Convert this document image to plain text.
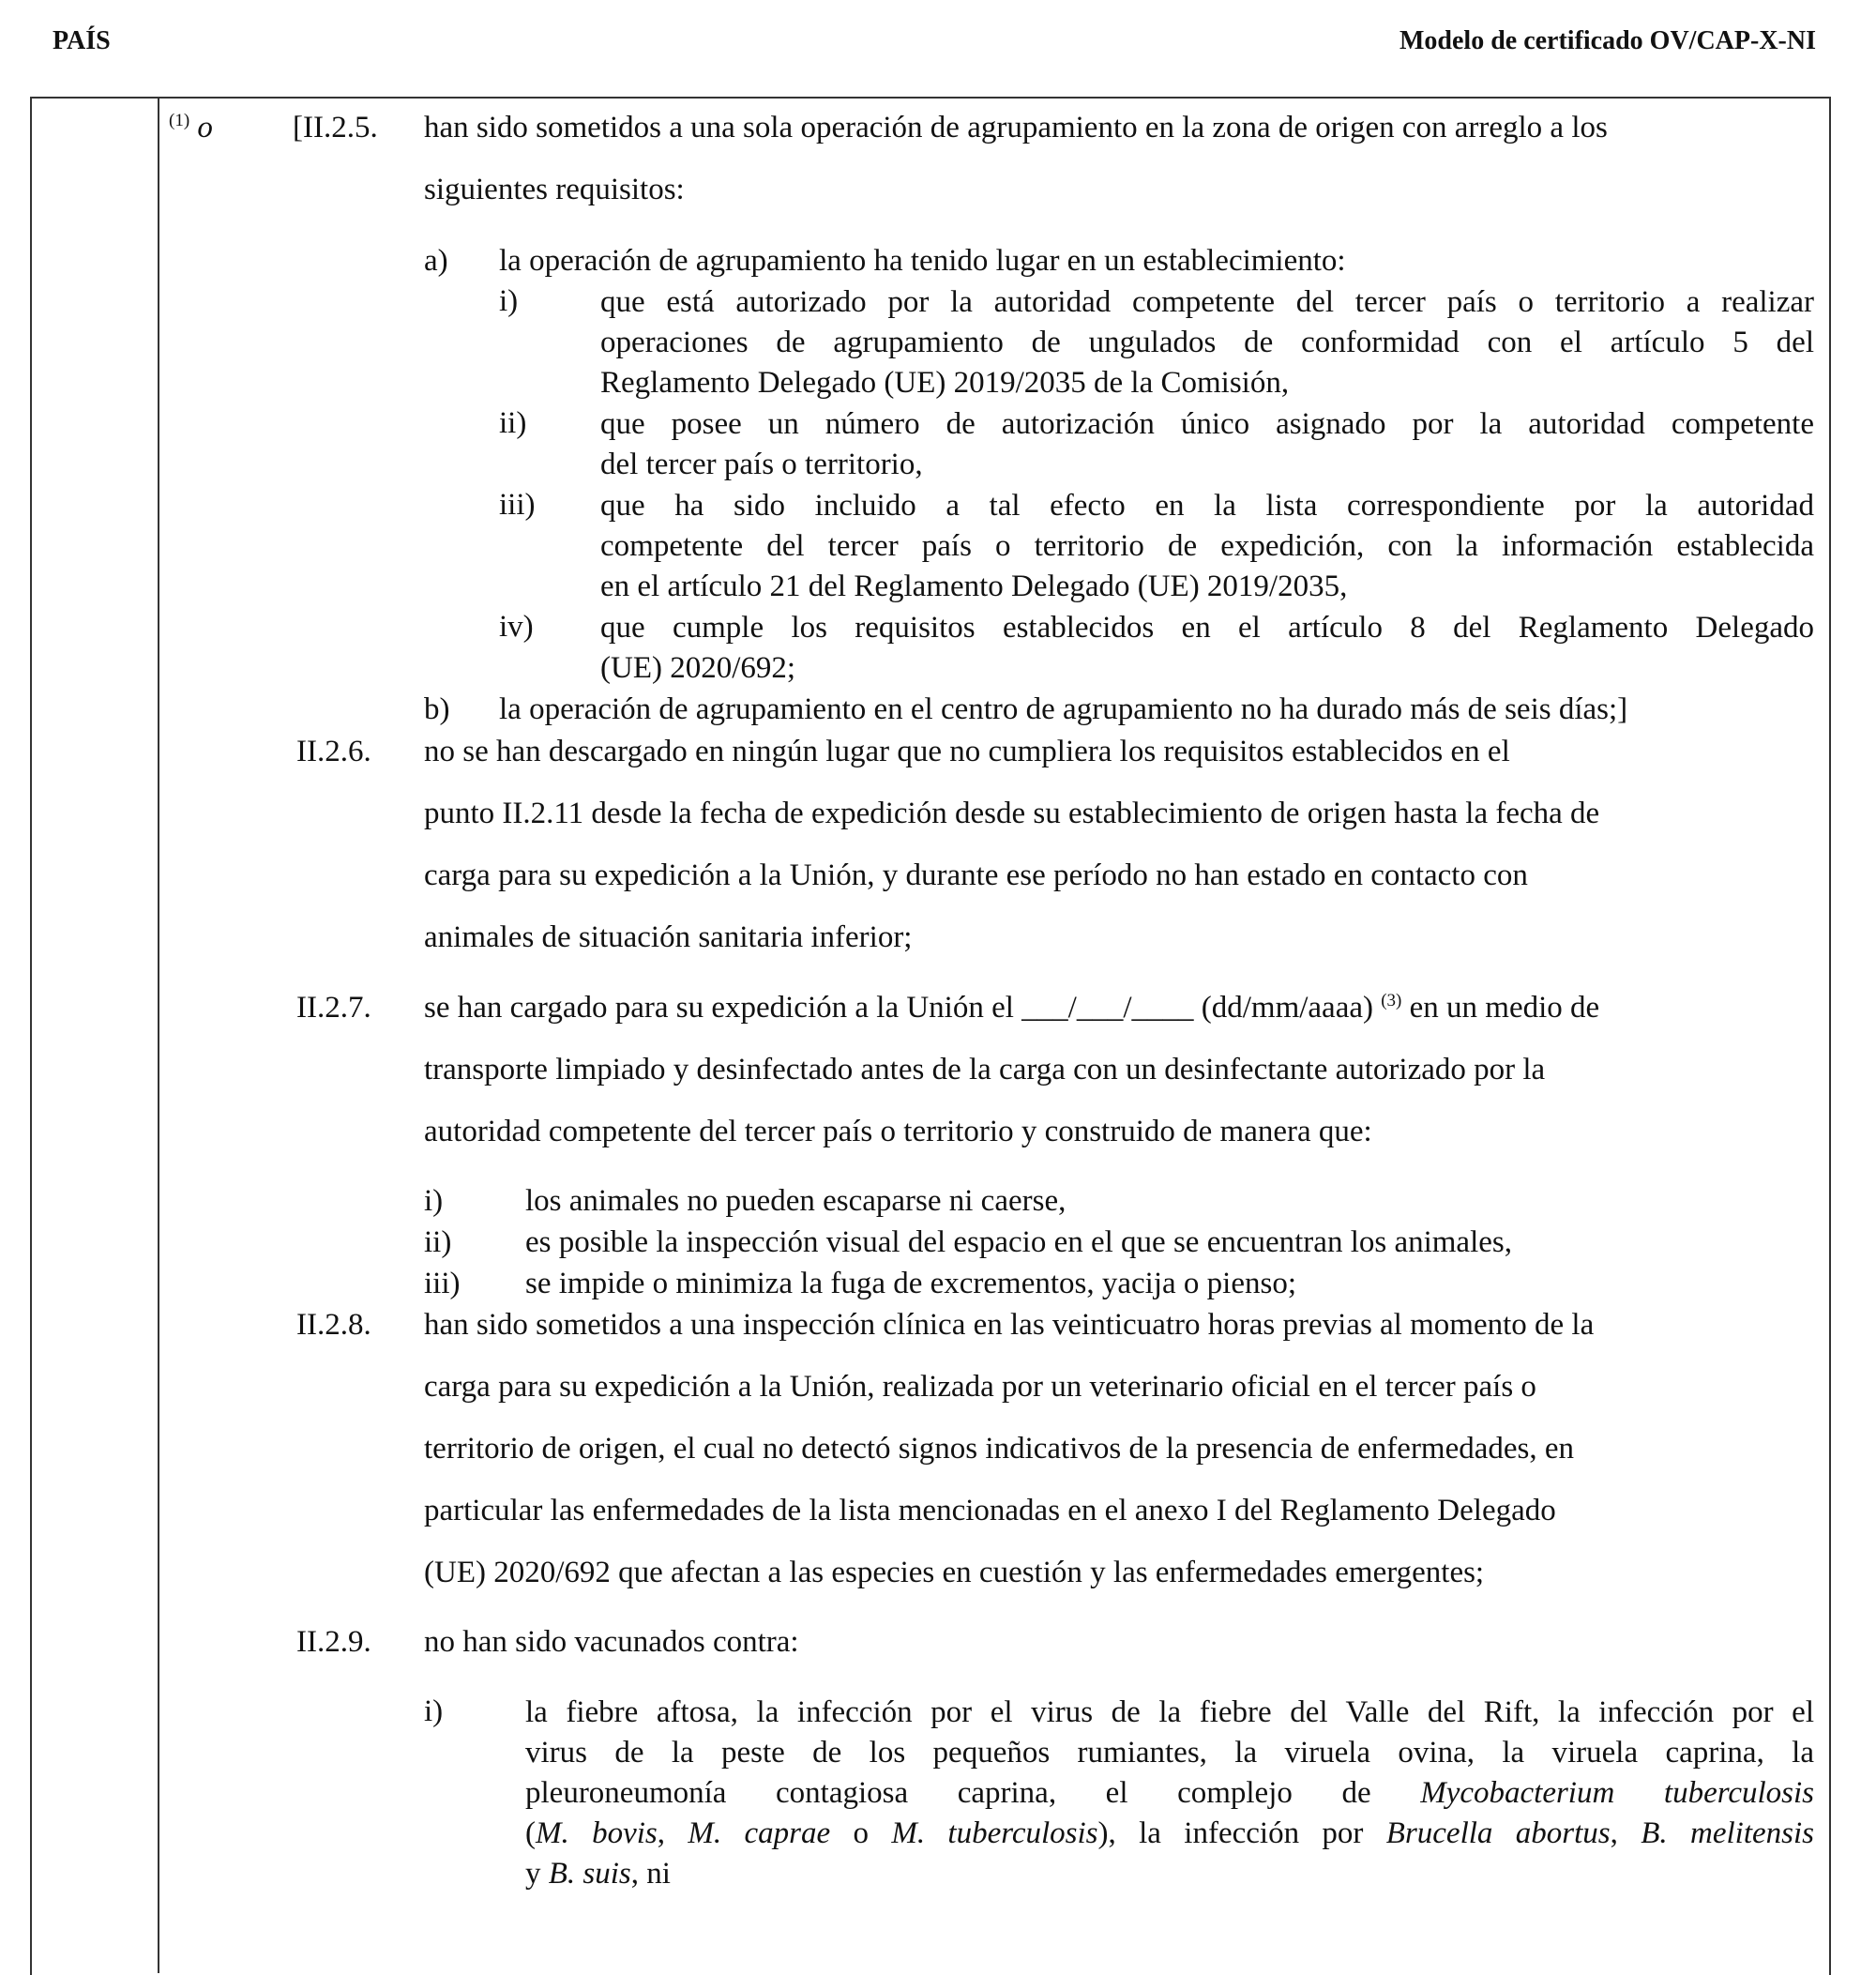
PAÍS	Modelo de certificado OV/CAP-X-NI
$^{(1)}$ o	[II.2.5. han sido sometidos a una sola operación de agrupamiento en la zona de origen con arreglo a los
siguientes requisitos:
a) la operación de agrupamiento ha tenido lugar en un establecimiento:
i)	que está autorizado por la autoridad competente del tercer país o territorio a realizar
operaciones de agrupamiento de ungulados de conformidad con el artículo 5 del
Reglamento Delegado (UE) 2019/2035 de la Comisión,
ii) que posee un número de autorización único asignado por la autoridad competente
del tercer país o territorio,
iii) que ha sido incluido a tal efecto en la lista correspondiente por la autoridad
competente del tercer país o territorio de expedición, con la información establecida
en el artículo 21 del Reglamento Delegado (UE) 2019/2035,
iv) que cumple los requisitos establecidos en el artículo 8 del Reglamento Delegado
(UE) 2020/692;
b) la operación de agrupamiento en el centro de agrupamiento no ha durado más de seis días;]
II.2.6. no se han descargado en ningún lugar que no cumpliera los requisitos establecidos en el
punto II.2.11 desde la fecha de expedición desde su establecimiento de origen hasta la fecha de
carga para su expedición a la Unión, y durante ese período no han estado en contacto con
animales de situación sanitaria inferior;
II.2.7. se han cargado para su expedición a la Unión el ___/___/____ (dd/mm/aaaa) $^{(3)}$ en un medio de
transporte limpiado y desinfectado antes de la carga con un desinfectante autorizado por la
autoridad competente del tercer país o territorio y construido de manera que:
i)	los animales no pueden escaparse ni caerse,
ii) es posible la inspección visual del espacio en el que se encuentran los animales,
iii) se impide o minimiza la fuga de excrementos, yacija o pienso;
II.2.8. han sido sometidos a una inspección clínica en las veinticuatro horas previas al momento de la
carga para su expedición a la Unión, realizada por un veterinario oficial en el tercer país o
territorio de origen, el cual no detectó signos indicativos de la presencia de enfermedades, en
particular las enfermedades de la lista mencionadas en el anexo I del Reglamento Delegado
(UE) 2020/692 que afectan a las especies en cuestión y las enfermedades emergentes;
II.2.9. no han sido vacunados contra:
i)	la fiebre aftosa, la infección por el virus de la fiebre del Valle del Rift, la infección por el
virus de la peste de los pequeños rumiantes, la viruela ovina, la viruela caprina, la
pleuroneumonía contagiosa caprina, el complejo de Mycobacterium tuberculosis
(M. bovis, M. caprae o M. tuberculosis), la infección por Brucella abortus, B. melitensis
y B. suis, ni
